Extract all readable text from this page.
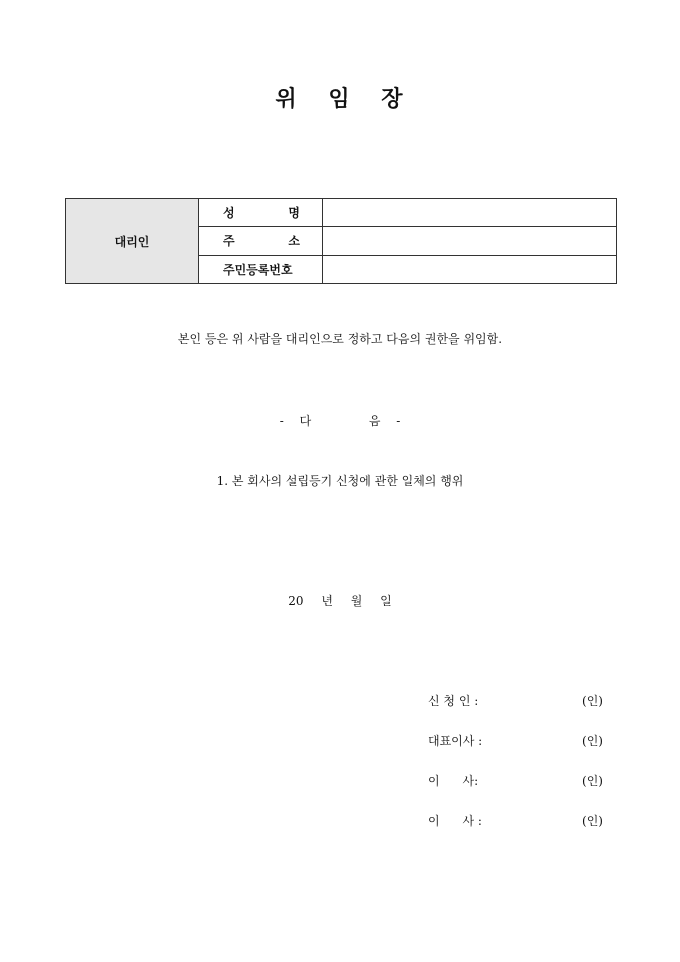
위 임 장
대리인	성 명	

	주 소	

	주민등록번호	
본인 등은 위 사람을 대리인으로 정하고 다음의 권한을 위임함.
- 다	음 -
1. 본 회사의 설립등기 신청에 관한 일체의 행위
20 년 월 일
신 청 인 :	(인)
대표이사 :	(인)
이      사:	(인)
이      사 :	(인)
